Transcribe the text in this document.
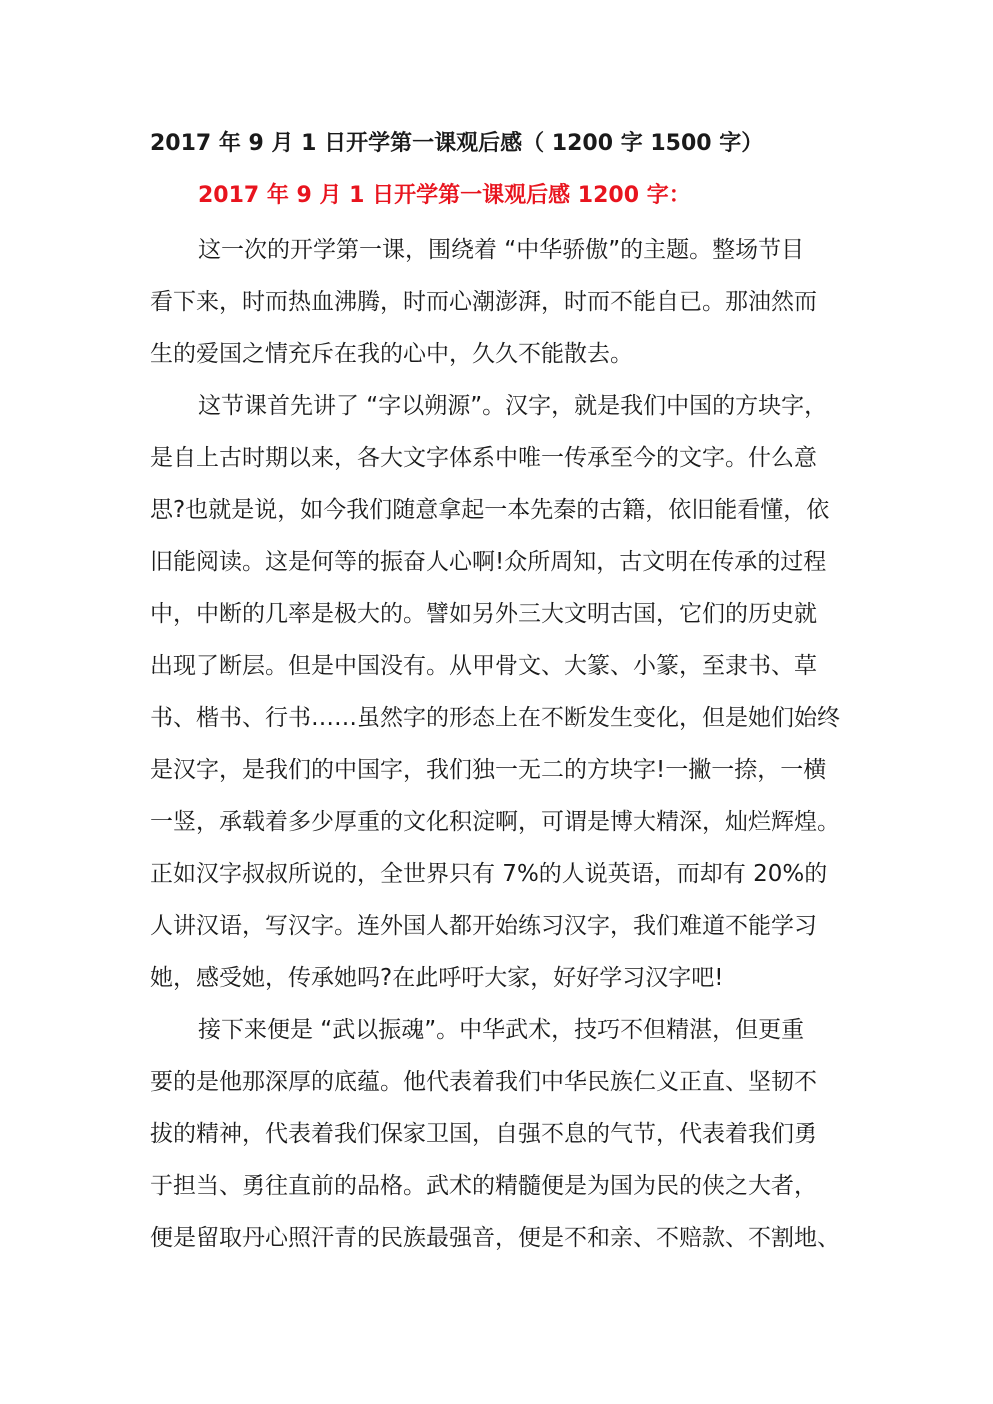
2017 年 9 月 1 日开学第一课观后感（ 1200 字 1500 字）
2017 年 9 月 1 日开学第一课观后感 1200 字：
这一次的开学第一课，围绕着 “中华骄傲”的主题。整场节目
看下来，时而热血沸腾，时而心潮澎湃，时而不能自已。那油然而
生的爱国之情充斥在我的心中，久久不能散去。
这节课首先讲了 “字以朔源”。汉字，就是我们中国的方块字，
是自上古时期以来，各大文字体系中唯一传承至今的文字。什么意
思?也就是说，如今我们随意拿起一本先秦的古籍，依旧能看懂，依
旧能阅读。这是何等的振奋人心啊!众所周知，古文明在传承的过程
中，中断的几率是极大的。譬如另外三大文明古国，它们的历史就
出现了断层。但是中国没有。从甲骨文、大篆、小篆，至隶书、草
书、楷书、行书……虽然字的形态上在不断发生变化，但是她们始终
是汉字，是我们的中国字，我们独一无二的方块字!一撇一捺，一横
一竖，承载着多少厚重的文化积淀啊，可谓是博大精深，灿烂辉煌。
正如汉字叔叔所说的，全世界只有 7%的人说英语，而却有 20%的
人讲汉语，写汉字。连外国人都开始练习汉字，我们难道不能学习
她，感受她，传承她吗?在此呼吁大家，好好学习汉字吧!
接下来便是 “武以振魂”。中华武术，技巧不但精湛，但更重
要的是他那深厚的底蕴。他代表着我们中华民族仁义正直、坚韧不
拔的精神，代表着我们保家卫国，自强不息的气节，代表着我们勇
于担当、勇往直前的品格。武术的精髓便是为国为民的侠之大者，
便是留取丹心照汗青的民族最强音，便是不和亲、不赔款、不割地、
